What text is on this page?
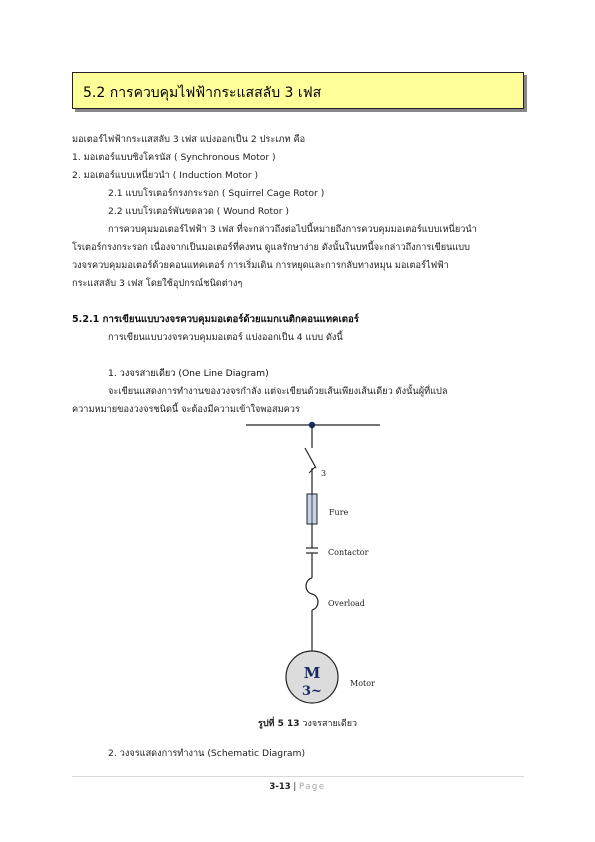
5.2 การควบคุมไฟฟ้ากระแสสลับ 3 เฟส
มอเตอร์ไฟฟ้ากระแสสลับ 3 เฟส แบ่งออกเป็น 2 ประเภท คือ
1. มอเตอร์แบบซิงโครนัส ( Synchronous Motor )
2. มอเตอร์แบบเหนี่ยวนำ ( Induction Motor )
2.1 แบบโรเตอร์กรงกระรอก ( Squirrel Cage Rotor )
2.2 แบบโรเตอร์พันขดลวด ( Wound Rotor )
การควบคุมมอเตอร์ไฟฟ้า 3 เฟส ที่จะกล่าวถึงต่อไปนี้หมายถึงการควบคุมมอเตอร์แบบเหนี่ยวนำ
โรเตอร์กรงกระรอก เนื่องจากเป็นมอเตอร์ที่คงทน ดูแลรักษาง่าย ดังนั้นในบทนี้จะกล่าวถึงการเขียนแบบ
วงจรควบคุมมอเตอร์ด้วยคอนแทคเตอร์ การเริ่มเดิน การหยุดและการกลับทางหมุน มอเตอร์ไฟฟ้า
กระแสสลับ 3 เฟส โดยใช้อุปกรณ์ชนิดต่างๆ
5.2.1 การเขียนแบบวงจรควบคุมมอเตอร์ด้วยแมกเนติกคอนแทคเตอร์
การเขียนแบบวงจรควบคุมมอเตอร์ แบ่งออกเป็น 4 แบบ ดังนี้
1. วงจรสายเดียว (One Line Diagram)
จะเขียนแสดงการทำงานของวงจรกำลัง แต่จะเขียนด้วยเส้นเพียงเส้นเดียว ดังนั้นผู้ที่แปล
ความหมายของวงจรชนิดนี้ จะต้องมีความเข้าใจพอสมควร
3
Fure
Contactor
Overload
M
3~
Motor
รูปที่ 5 13 วงจรสายเดียว
2. วงจรแสดงการทำงาน (Schematic Diagram)
3-13 | Page
